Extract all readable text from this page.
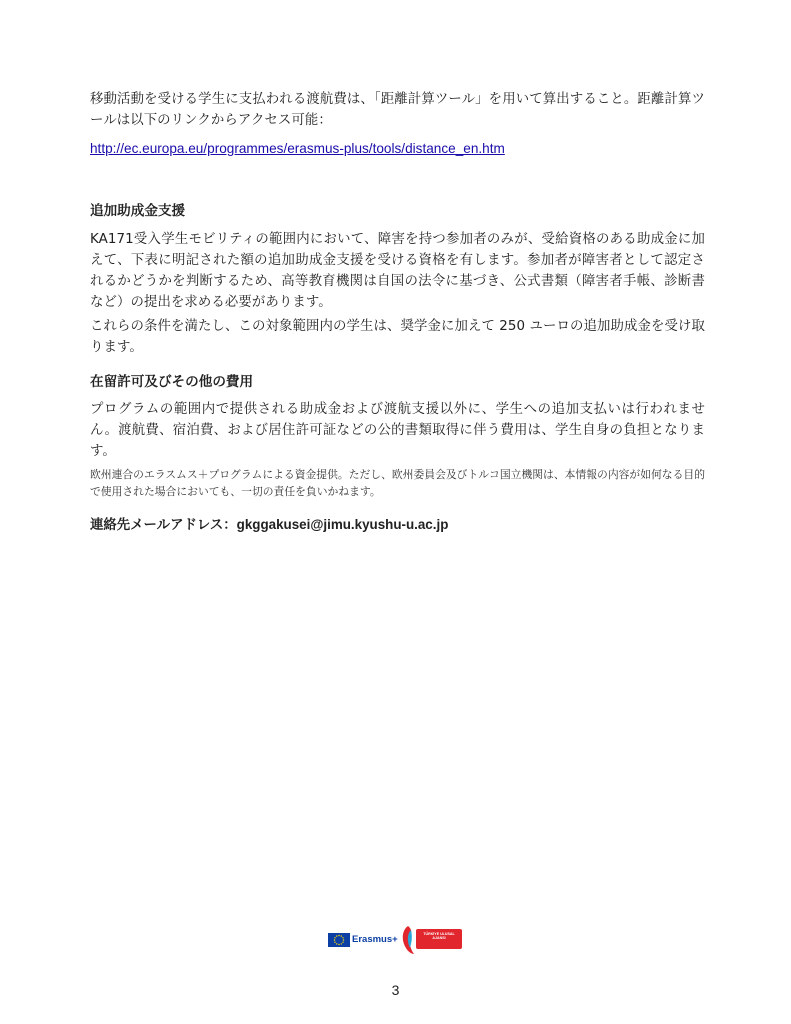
移動活動を受ける学生に支払われる渡航費は、「距離計算ツール」を用いて算出すること。距離計算ツールは以下のリンクからアクセス可能：

http://ec.europa.eu/programmes/erasmus-plus/tools/distance_en.htm

追加助成金支援

KA171受入学生モビリティの範囲内において、障害を持つ参加者のみが、受給資格のある助成金に加えて、下表に明記された額の追加助成金支援を受ける資格を有します。参加者が障害者として認定されるかどうかを判断するため、高等教育機関は自国の法令に基づき、公式書類（障害者手帳、診断書など）の提出を求める必要があります。

これらの条件を満たし、この対象範囲内の学生は、奨学金に加えて 250 ユーロの追加助成金を受け取ります。

在留許可及びその他の費用

プログラムの範囲内で提供される助成金および渡航支援以外に、学生への追加支払いは行われません。渡航費、宿泊費、および居住許可証などの公的書類取得に伴う費用は、学生自身の負担となります。

欧州連合のエラスムス＋プログラムによる資金提供。ただし、欧州委員会及びトルコ国立機関は、本情報の内容が如何なる目的で使用された場合においても、一切の責任を負いかねます。

連絡先メールアドレス：gkggakusei@jimu.kyushu-u.ac.jp

Erasmus+	TÜRKİYE ULUSAL AJANSI
3
